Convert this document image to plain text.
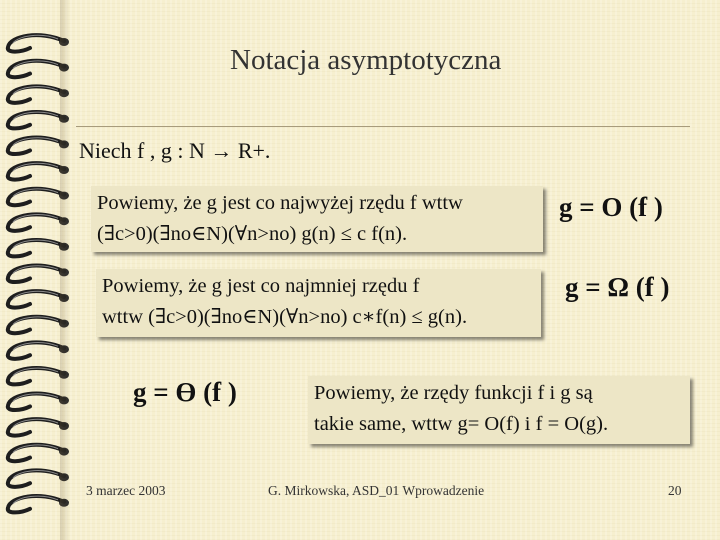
Notacja asymptotyczna
Niech f , g : N → R+.
Powiemy, że g jest co najwyżej rzędu f wttw
(∃c>0)(∃no∈N)(∀n>no) g(n) ≤ c f(n).
g = O (f )
Powiemy, że g jest co najmniej rzędu f
wttw (∃c>0)(∃no∈N)(∀n>no) c∗f(n) ≤ g(n).
g = Ω (f )
g = ϴ (f )	Powiemy, że rzędy funkcji f i g są
takie same, wttw g= O(f) i f = O(g).
3 marzec 2003	G. Mirkowska, ASD_01 Wprowadzenie	20
